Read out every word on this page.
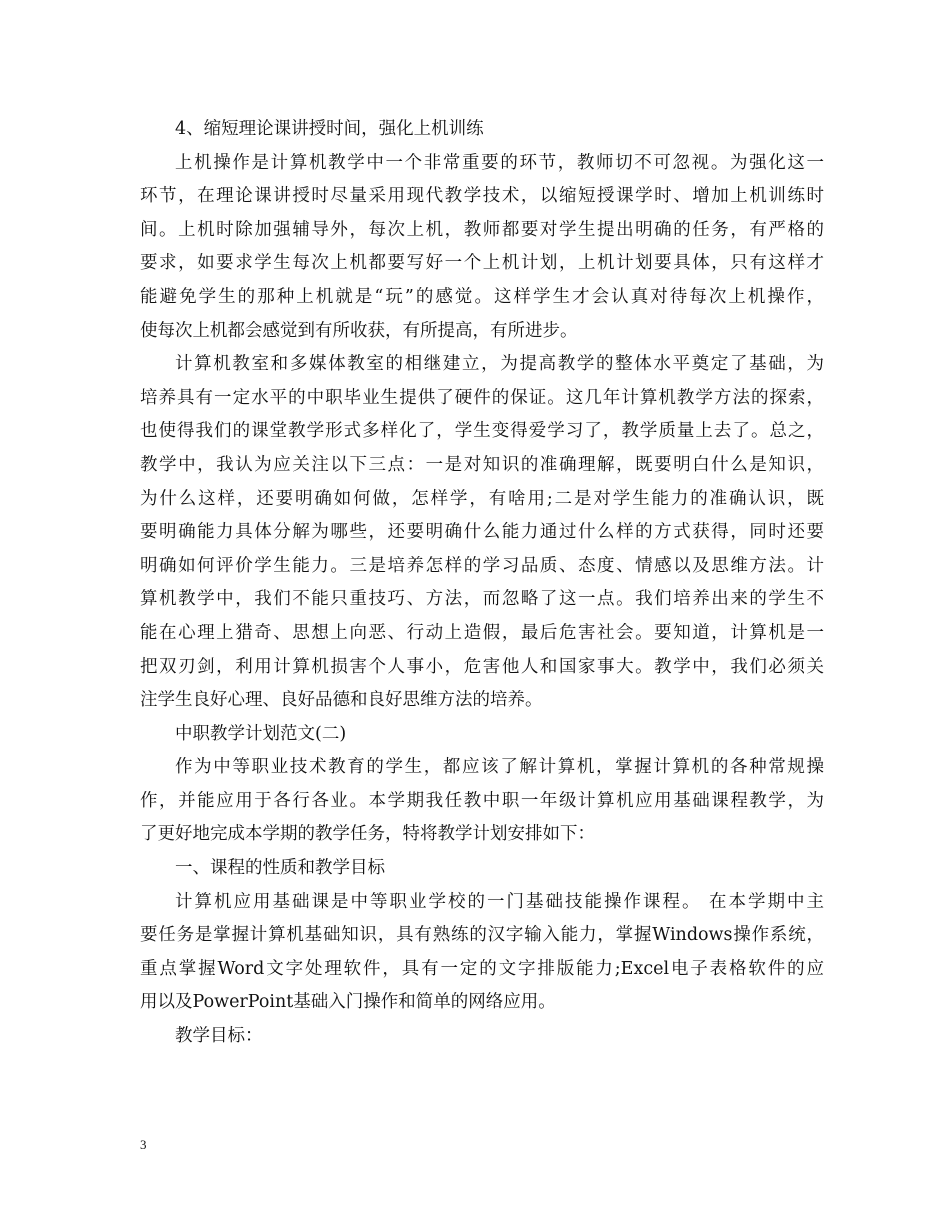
4、缩短理论课讲授时间，强化上机训练
上机操作是计算机教学中一个非常重要的环节，教师切不可忽视。为强化这一
环节，在理论课讲授时尽量采用现代教学技术，以缩短授课学时、增加上机训练时
间。上机时除加强辅导外，每次上机，教师都要对学生提出明确的任务，有严格的
要求，如要求学生每次上机都要写好一个上机计划，上机计划要具体，只有这样才
能避免学生的那种上机就是“玩”的感觉。这样学生才会认真对待每次上机操作，
使每次上机都会感觉到有所收获，有所提高，有所进步。
计算机教室和多媒体教室的相继建立，为提高教学的整体水平奠定了基础，为
培养具有一定水平的中职毕业生提供了硬件的保证。这几年计算机教学方法的探索，
也使得我们的课堂教学形式多样化了，学生变得爱学习了，教学质量上去了。总之，
教学中，我认为应关注以下三点：一是对知识的准确理解，既要明白什么是知识，
为什么这样，还要明确如何做，怎样学，有啥用;二是对学生能力的准确认识，既
要明确能力具体分解为哪些，还要明确什么能力通过什么样的方式获得，同时还要
明确如何评价学生能力。三是培养怎样的学习品质、态度、情感以及思维方法。计
算机教学中，我们不能只重技巧、方法，而忽略了这一点。我们培养出来的学生不
能在心理上猎奇、思想上向恶、行动上造假，最后危害社会。要知道，计算机是一
把双刃剑，利用计算机损害个人事小，危害他人和国家事大。教学中，我们必须关
注学生良好心理、良好品德和良好思维方法的培养。
中职教学计划范文(二)
作为中等职业技术教育的学生，都应该了解计算机，掌握计算机的各种常规操
作，并能应用于各行各业。本学期我任教中职一年级计算机应用基础课程教学，为
了更好地完成本学期的教学任务，特将教学计划安排如下：
一、课程的性质和教学目标
计算机应用基础课是中等职业学校的一门基础技能操作课程。 在本学期中主
要任务是掌握计算机基础知识，具有熟练的汉字输入能力，掌握Windows操作系统，
重点掌握Word文字处理软件，具有一定的文字排版能力;Excel电子表格软件的应
用以及PowerPoint基础入门操作和简单的网络应用。
教学目标：
3
